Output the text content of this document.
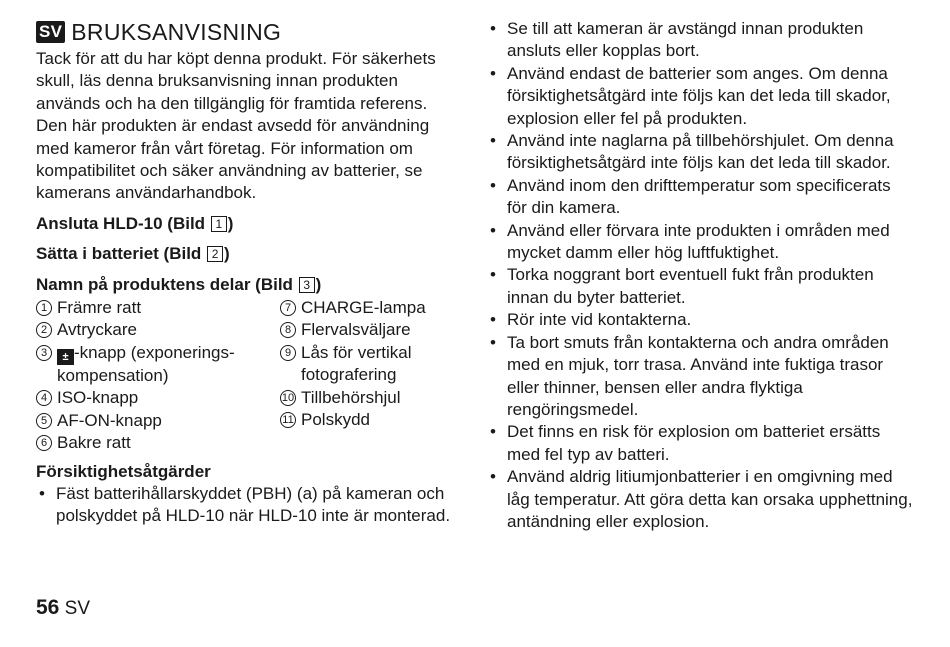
SV BRUKSANVISNING

Tack för att du har köpt denna produkt. För säkerhets skull, läs denna bruksanvisning innan produkten används och ha den tillgänglig för framtida referens. Den här produkten är endast avsedd för användning med kameror från vårt företag. För information om kompatibilitet och säker användning av batterier, se kamerans användarhandbok.

Ansluta HLD-10 (Bild 1 )
Sätta i batteriet (Bild 2 )
Namn på produktens delar (Bild 3 )
1 Främre ratt
2 Avtryckare
3	± -knapp (exponerings-
kompensation)
4 ISO-knapp
5 AF-ON-knapp
6 Bakre ratt
7 CHARGE-lampa
8 Flervalsväljare
9 Lås för vertikal
fotografering
10 Tillbehörshjul
11 Polskydd
Försiktighetsåtgärder
• Fäst batterihållarskyddet (PBH) (a) på kameran och polskyddet på HLD-10 när HLD-10 inte är monterad.
• Se till att kameran är avstängd innan produkten ansluts eller kopplas bort.
• Använd endast de batterier som anges. Om denna försiktighetsåtgärd inte följs kan det leda till skador, explosion eller fel på produkten.
• Använd inte naglarna på tillbehörshjulet. Om denna försiktighetsåtgärd inte följs kan det leda till skador.
• Använd inom den drifttemperatur som specificerats för din kamera.
• Använd eller förvara inte produkten i områden med mycket damm eller hög luftfuktighet.
• Torka noggrant bort eventuell fukt från produkten innan du byter batteriet.
• Rör inte vid kontakterna.
• Ta bort smuts från kontakterna och andra områden med en mjuk, torr trasa. Använd inte fuktiga trasor eller thinner, bensen eller andra flyktiga rengöringsmedel.
• Det finns en risk för explosion om batteriet ersätts med fel typ av batteri.
• Använd aldrig litiumjonbatterier i en omgivning med låg temperatur. Att göra detta kan orsaka upphettning, antändning eller explosion.
56 SV
